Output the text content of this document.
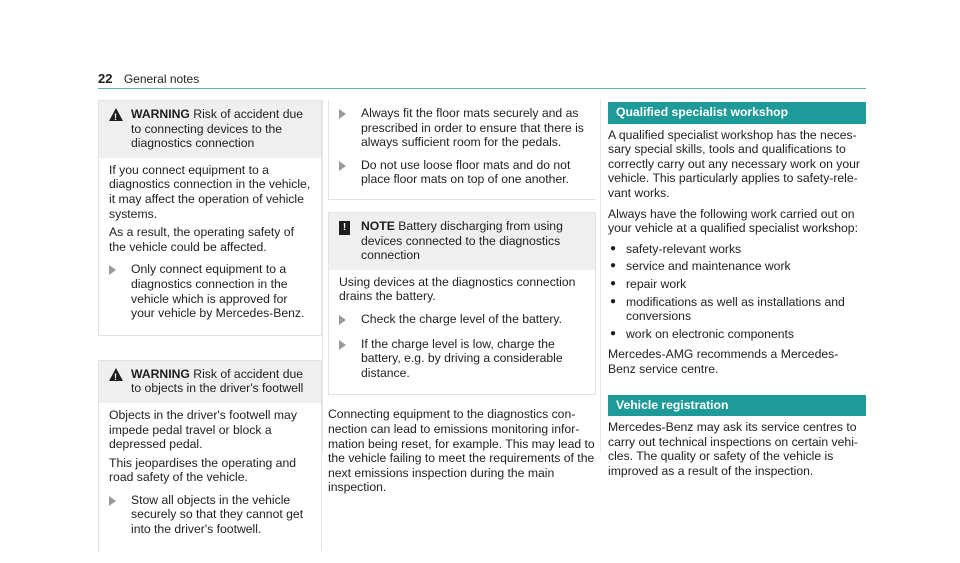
22 General notes
!
WARNING Risk of accident due to connecting devices to the diagnostics connection

If you connect equipment to a diagnostics connection in the vehicle, it may affect the operation of vehicle systems.

As a result, the operating safety of the vehicle could be affected.

Only connect equipment to a diagnostics connection in the vehicle which is approved for your vehicle by Mercedes-Benz.
!
WARNING Risk of accident due to objects in the driver's footwell

Objects in the driver's footwell may impede pedal travel or block a depressed pedal.

This jeopardises the operating and road safety of the vehicle.

Stow all objects in the vehicle securely so that they cannot get into the driver's footwell.
Always fit the floor mats securely and as prescribed in order to ensure that there is always sufficient room for the pedals.
Do not use loose floor mats and do not place floor mats on top of one another.
!	NOTE Battery discharging from using devices connected to the diagnostics connection

Using devices at the diagnostics connection drains the battery.

Check the charge level of the battery.
If the charge level is low, charge the battery, e.g. by driving a considerable distance.

Connecting equipment to the diagnostics connection can lead to emissions monitoring information being reset, for example. This may lead to the vehicle failing to meet the requirements of the next emissions inspection during the main inspection.

Qualified specialist workshop

A qualified specialist workshop has the necessary special skills, tools and qualifications to correctly carry out any necessary work on your vehicle. This particularly applies to safety-relevant works.

Always have the following work carried out on your vehicle at a qualified specialist workshop:

● safety-relevant works
● service and maintenance work
● repair work
● modifications as well as installations and conversions
● work on electronic components

Mercedes-AMG recommends a Mercedes-Benz service centre.

Vehicle registration

Mercedes-Benz may ask its service centres to carry out technical inspections on certain vehicles. The quality or safety of the vehicle is improved as a result of the inspection.
